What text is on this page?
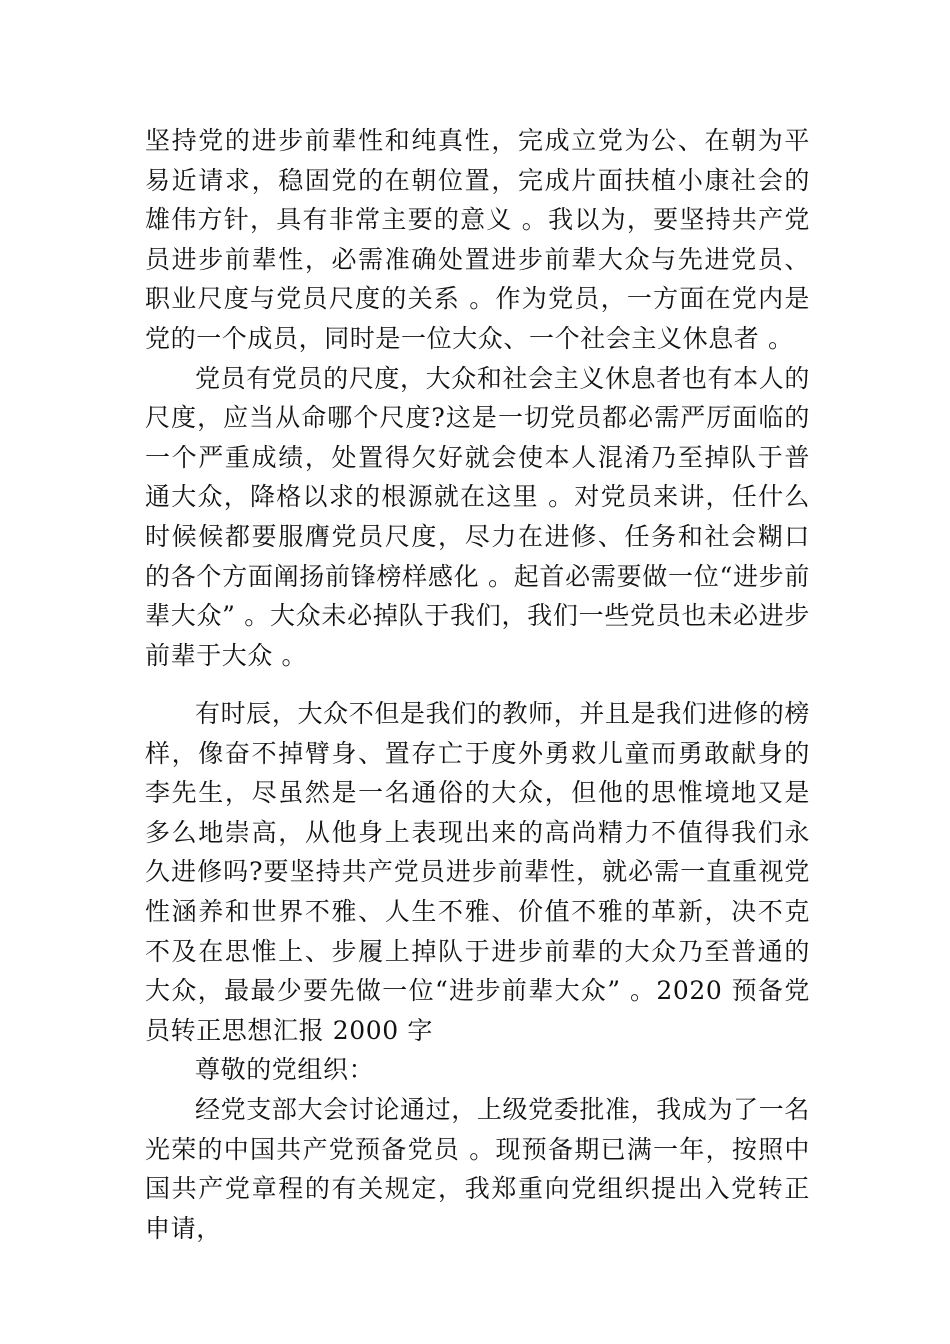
坚持党的进步前辈性和纯真性，完成立党为公、在朝为平易近请求，稳固党的在朝位置，完成片面扶植小康社会的雄伟方针，具有非常主要的意义 。我以为，要坚持共产党员进步前辈性，必需准确处置进步前辈大众与先进党员、职业尺度与党员尺度的关系 。作为党员，一方面在党内是党的一个成员，同时是一位大众、一个社会主义休息者 。

党员有党员的尺度，大众和社会主义休息者也有本人的尺度，应当从命哪个尺度?这是一切党员都必需严厉面临的一个严重成绩，处置得欠好就会使本人混淆乃至掉队于普通大众，降格以求的根源就在这里 。对党员来讲，任什么时候候都要服膺党员尺度，尽力在进修、任务和社会糊口的各个方面阐扬前锋榜样感化 。起首必需要做一位“进步前辈大众” 。大众未必掉队于我们，我们一些党员也未必进步前辈于大众 。

有时辰，大众不但是我们的教师，并且是我们进修的榜样，像奋不掉臂身、置存亡于度外勇救儿童而勇敢献身的李先生，尽虽然是一名通俗的大众，但他的思惟境地又是多么地崇高，从他身上表现出来的高尚精力不值得我们永久进修吗?要坚持共产党员进步前辈性，就必需一直重视党性涵养和世界不雅、人生不雅、价值不雅的革新，决不克不及在思惟上、步履上掉队于进步前辈的大众乃至普通的大众，最最少要先做一位“进步前辈大众” 。2020 预备党员转正思想汇报 2000 字

尊敬的党组织：

经党支部大会讨论通过，上级党委批准，我成为了一名光荣的中国共产党预备党员 。现预备期已满一年，按照中国共产党章程的有关规定，我郑重向党组织提出入党转正申请，
